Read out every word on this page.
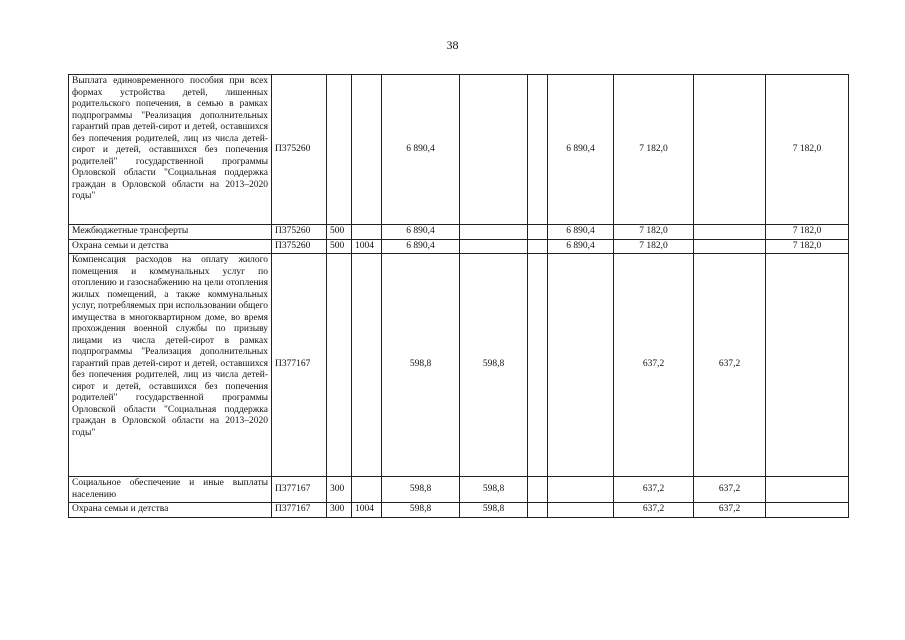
38
Выплата единовременного пособия при всех формах устройства детей, лишенных родительского попечения, в семью в рамках подпрограммы "Реализация дополнительных гарантий прав детей-сирот и детей, оставшихся без попечения родителей, лиц из числа детей-сирот и детей, оставшихся без попечения родителей" государственной программы Орловской области "Социальная поддержка граждан в Орловской области на 2013–2020 годы"	П375260			6 890,4			6 890,4	7 182,0		7 182,0
Межбюджетные трансферты	П375260	500		6 890,4			6 890,4	7 182,0		7 182,0
Охрана семьи и детства	П375260	500	1004	6 890,4			6 890,4	7 182,0		7 182,0
Компенсация расходов на оплату жилого помещения и коммунальных услуг по отоплению и газоснабжению на цели отопления жилых помещений, а также коммунальных услуг, потребляемых при использовании общего имущества в многоквартирном доме, во время прохождения военной службы по призыву лицами из числа детей-сирот в рамках подпрограммы "Реализация дополнительных гарантий прав детей-сирот и детей, оставшихся без попечения родителей, лиц из числа детей-сирот и детей, оставшихся без попечения родителей" государственной программы Орловской области "Социальная поддержка граждан в Орловской области на 2013–2020 годы"	П377167			598,8	598,8			637,2	637,2	
Социальное обеспечение и иные выплаты населению	П377167	300		598,8	598,8			637,2	637,2	
Охрана семьи и детства	П377167	300	1004	598,8	598,8			637,2	637,2	
